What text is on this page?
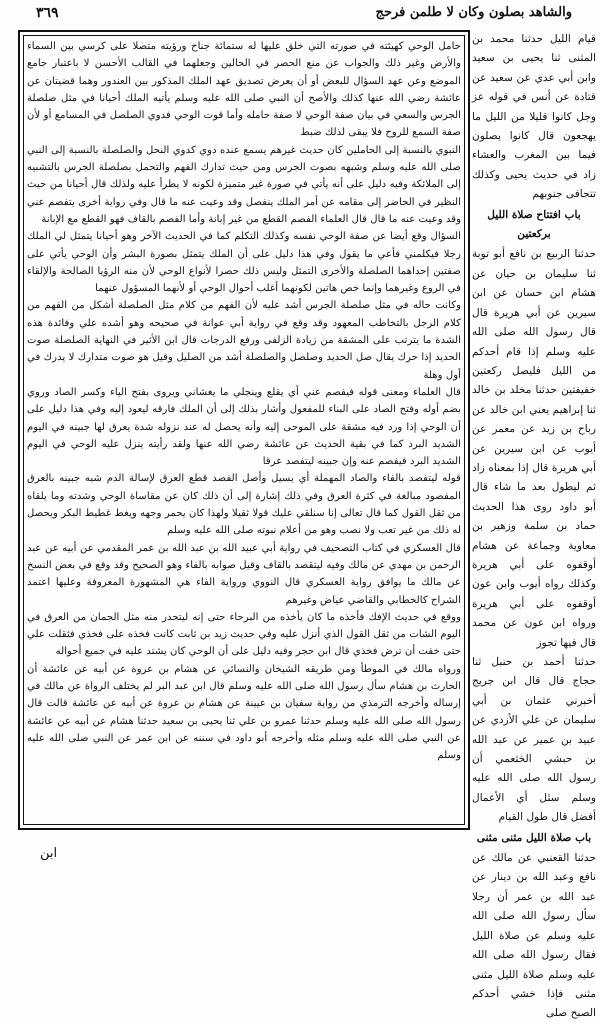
والشاهد بصلون وكان لا طلمن فرحج
٣٦٩

حامل الوحي كهيئته في صورته التي خلق عليها له ستمائة جناح ورؤيته متصلا على كرسي بين السماء والأرض وغير ذلك والجواب عن منع الحصر في الحالين وجعلهما في القالب الأحسن لا باعتبار جامع الموضع وعن عهد السؤال للبعض أو أن يعرض تصديق عهد الملك المذكور بين العندور وهما قضيتان عن عائشة رضي الله عنها كذلك والأصح أن النبي صلى الله عليه وسلم يأتيه الملك أحيانا في مثل صلصلة الجرس والسعي في بيان صفة الوحي لا صفة حامله وأما قوت الوحي فدوي الصلصل في المسامع أو لأن صفة السمع للروح فلا يبقى لذلك ضبط

النبوي بالنسبة إلى الحاملين كان حديث غيرهم يسمع عنده دوي كدوي النحل والصلصلة بالنسبة إلى النبي صلى الله عليه وسلم وشبهه بصوت الجرس ومن حيث تدارك الفهم والتحمل بصلصلة الجرس بالتشبيه إلى الملائكة وفيه دليل على أنه يأتي في صورة غير متميزة لكونه لا يطرأ عليه ولذلك قال أحيانا من حيث النظير في الحاضر إلى مقامه عن أمر الملك ينفصل وقد وعيت عنه ما قال وفي رواية أخرى يتفصم عني وقد وعيت عنه ما قال قال العلماء الفصم القطع من غير إبانة وأما الفصم بالقاف فهو القطع مع الإبانة

السؤال وقع أيضا عن صفة الوحي نفسه وكذلك التكلم كما في الحديث الآخر وهو أحيانا يتمثل لي الملك رجلا فيكلمني فأعي ما يقول وفي هذا دليل على أن الملك يتمثل بصورة البشر وأن الوحي يأتي على صفتين إحداهما الصلصلة والأخرى التمثل وليس ذلك حصرا لأنواع الوحي لأن منه الرؤيا الصالحة والإلقاء في الروع وغيرهما وإنما خص هاتين لكونهما أغلب أحوال الوحي أو لأنهما المسؤول عنهما

وكانت حاله في مثل صلصلة الجرس أشد عليه لأن الفهم من كلام مثل الصلصلة أشكل من الفهم من كلام الرجل بالتخاطب المعهود وقد وقع في رواية أبي عوانة في صحيحه وهو أشده علي وفائدة هذه الشدة ما يترتب على المشقة من زيادة الزلفى ورفع الدرجات قال ابن الأثير في النهاية الصلصلة صوت الحديد إذا حرك يقال صل الحديد وصلصل والصلصلة أشد من الصليل وقيل هو صوت متدارك لا يدرك في أول وهلة

قال العلماء ومعنى قوله فيفصم عني أي يقلع وينجلي ما يغشاني ويروى بفتح الياء وكسر الصاد وروي بضم أوله وفتح الصاد على البناء للمفعول وأشار بذلك إلى أن الملك فارقه ليعود إليه وفي هذا دليل على أن الوحي إذا ورد فيه مشقة على الموحى إليه وأنه يحصل له عند نزوله شدة يعرق لها جبينه في اليوم الشديد البرد كما في بقية الحديث عن عائشة رضي الله عنها ولقد رأيته ينزل عليه الوحي في اليوم الشديد البرد فيفصم عنه وإن جبينه ليتفصد عرقا

قوله ليتفصد بالفاء والصاد المهملة أي يسيل وأصل الفصد قطع العرق لإسالة الدم شبه جبينه بالعرق المفصود مبالغة في كثرة العرق وفي ذلك إشارة إلى أن ذلك كان عن مقاساة الوحي وشدته وما يلقاه من ثقل القول كما قال تعالى إنا سنلقي عليك قولا ثقيلا ولهذا كان يحمر وجهه ويغط غطيط البكر ويحصل له ذلك من غير تعب ولا نصب وهو من أعلام نبوته صلى الله عليه وسلم

قال العسكري في كتاب التصحيف في رواية أبي عبيد الله بن عبد الله بن عمر المقدمي عن أبيه عن عبد الرحمن بن مهدي عن مالك وفيه ليتقصد بالقاف وقيل صوابه بالفاء وهو الصحيح وقد وقع في بعض النسخ عن مالك ما يوافق رواية العسكري قال النووي ورواية الفاء هي المشهورة المعروفة وعليها اعتمد الشراح كالخطابي والقاضي عياض وغيرهم

ووقع في حديث الإفك فأخذه ما كان يأخذه من البرحاء حتى إنه ليتحدر منه مثل الجمان من العرق في اليوم الشات من ثقل القول الذي أنزل عليه وفي حديث زيد بن ثابت كانت فخذه على فخذي فثقلت علي حتى خفت أن ترض فخذي قال ابن حجر وفيه دليل على أن الوحي كان يشتد عليه في جميع أحواله

ورواه مالك في الموطأ ومن طريقه الشيخان والنسائي عن هشام بن عروة عن أبيه عن عائشة أن الحارث بن هشام سأل رسول الله صلى الله عليه وسلم قال ابن عبد البر لم يختلف الرواة عن مالك في إرساله وأخرجه الترمذي من رواية سفيان بن عيينة عن هشام بن عروة عن أبيه عن عائشة قالت قال رسول الله صلى الله عليه وسلم حدثنا عمرو بن علي ثنا يحيى بن سعيد حدثنا هشام عن أبيه عن عائشة عن النبي صلى الله عليه وسلم مثله وأخرجه أبو داود في سننه عن ابن عمر عن النبي صلى الله عليه وسلم

قيام الليل حدثنا محمد بن المثنى ثنا يحيى بن سعيد وابن أبي عدي عن سعيد عن قتادة عن أنس في قوله عز وجل كانوا قليلا من الليل ما يهجعون قال كانوا يصلون فيما بين المغرب والعشاء زاد في حديث يحيى وكذلك تتجافى جنوبهم

باب افتتاح صلاة الليل بركعتين

حدثنا الربيع بن نافع أبو توبة ثنا سليمان بن حيان عن هشام ابن حسان عن ابن سيرين عن أبي هريرة قال قال رسول الله صلى الله عليه وسلم إذا قام أحدكم من الليل فليصل ركعتين خفيفتين حدثنا مخلد بن خالد ثنا إبراهيم يعني ابن خالد عن رباح بن زيد عن معمر عن أيوب عن ابن سيرين عن أبي هريرة قال إذا بمعناه زاد ثم ليطول بعد ما شاء قال أبو داود روى هذا الحديث حماد بن سلمة وزهير بن معاوية وجماعة عن هشام أوقفوه على أبي هريرة وكذلك رواه أيوب وابن عون أوقفوه على أبي هريرة ورواه ابن عون عن محمد قال فيها تجوز

حدثنا أحمد بن حنبل ثنا حجاج قال قال ابن جريج أخبرني عثمان بن أبي سليمان عن علي الأزدي عن عبيد بن عمير عن عبد الله بن حبشي الخثعمي أن رسول الله صلى الله عليه وسلم سئل أي الأعمال أفضل قال طول القيام

باب صلاة الليل مثنى مثنى

حدثنا القعنبي عن مالك عن نافع وعبد الله بن دينار عن عبد الله بن عمر أن رجلا سأل رسول الله صلى الله عليه وسلم عن صلاة الليل فقال رسول الله صلى الله عليه وسلم صلاة الليل مثنى مثنى فإذا خشي أحدكم الصبح صلى

ابن
